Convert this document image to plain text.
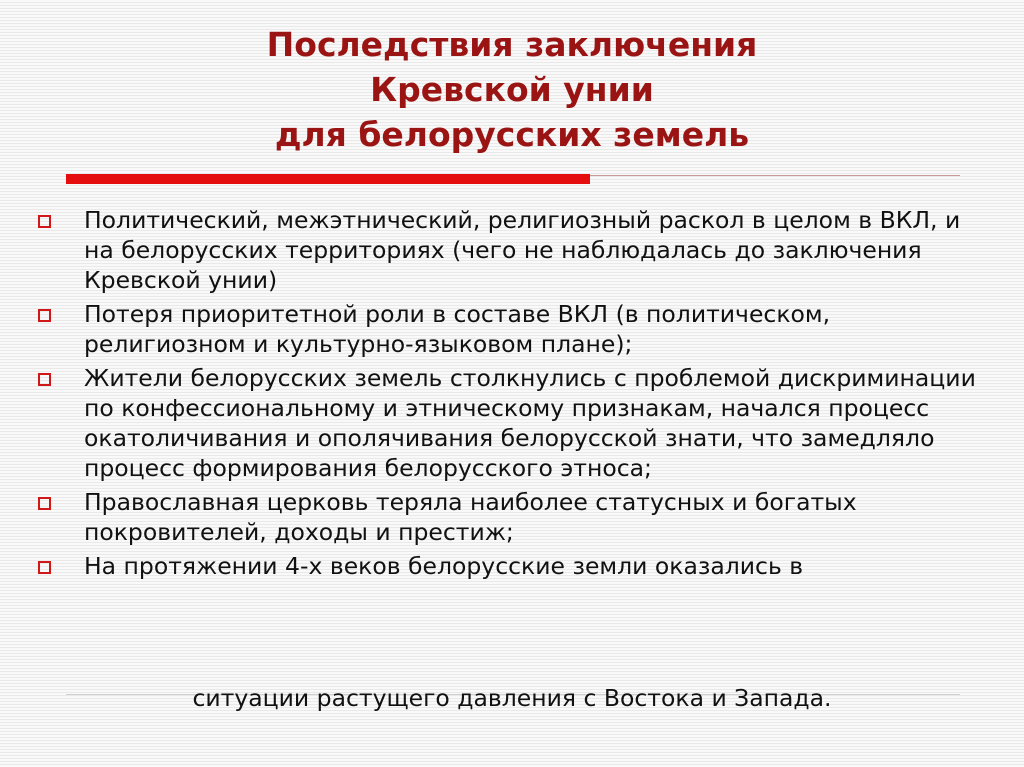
Последствия заключения
Кревской унии
для белорусских земель
Политический, межэтнический, религиозный раскол в целом в ВКЛ, и на белорусских территориях (чего не наблюдалась до заключения Кревской унии)
Потеря приоритетной роли в составе ВКЛ (в политическом, религиозном и культурно-языковом плане);
Жители белорусских земель столкнулись с проблемой дискриминации по конфессиональному и этническому признакам, начался процесс окатоличивания и ополячивания белорусской знати, что замедляло процесс формирования белорусского этноса;
Православная церковь теряла наиболее статусных и богатых покровителей, доходы и престиж;
На протяжении 4-х веков белорусские земли оказались в
ситуации растущего давления с Востока и Запада.
